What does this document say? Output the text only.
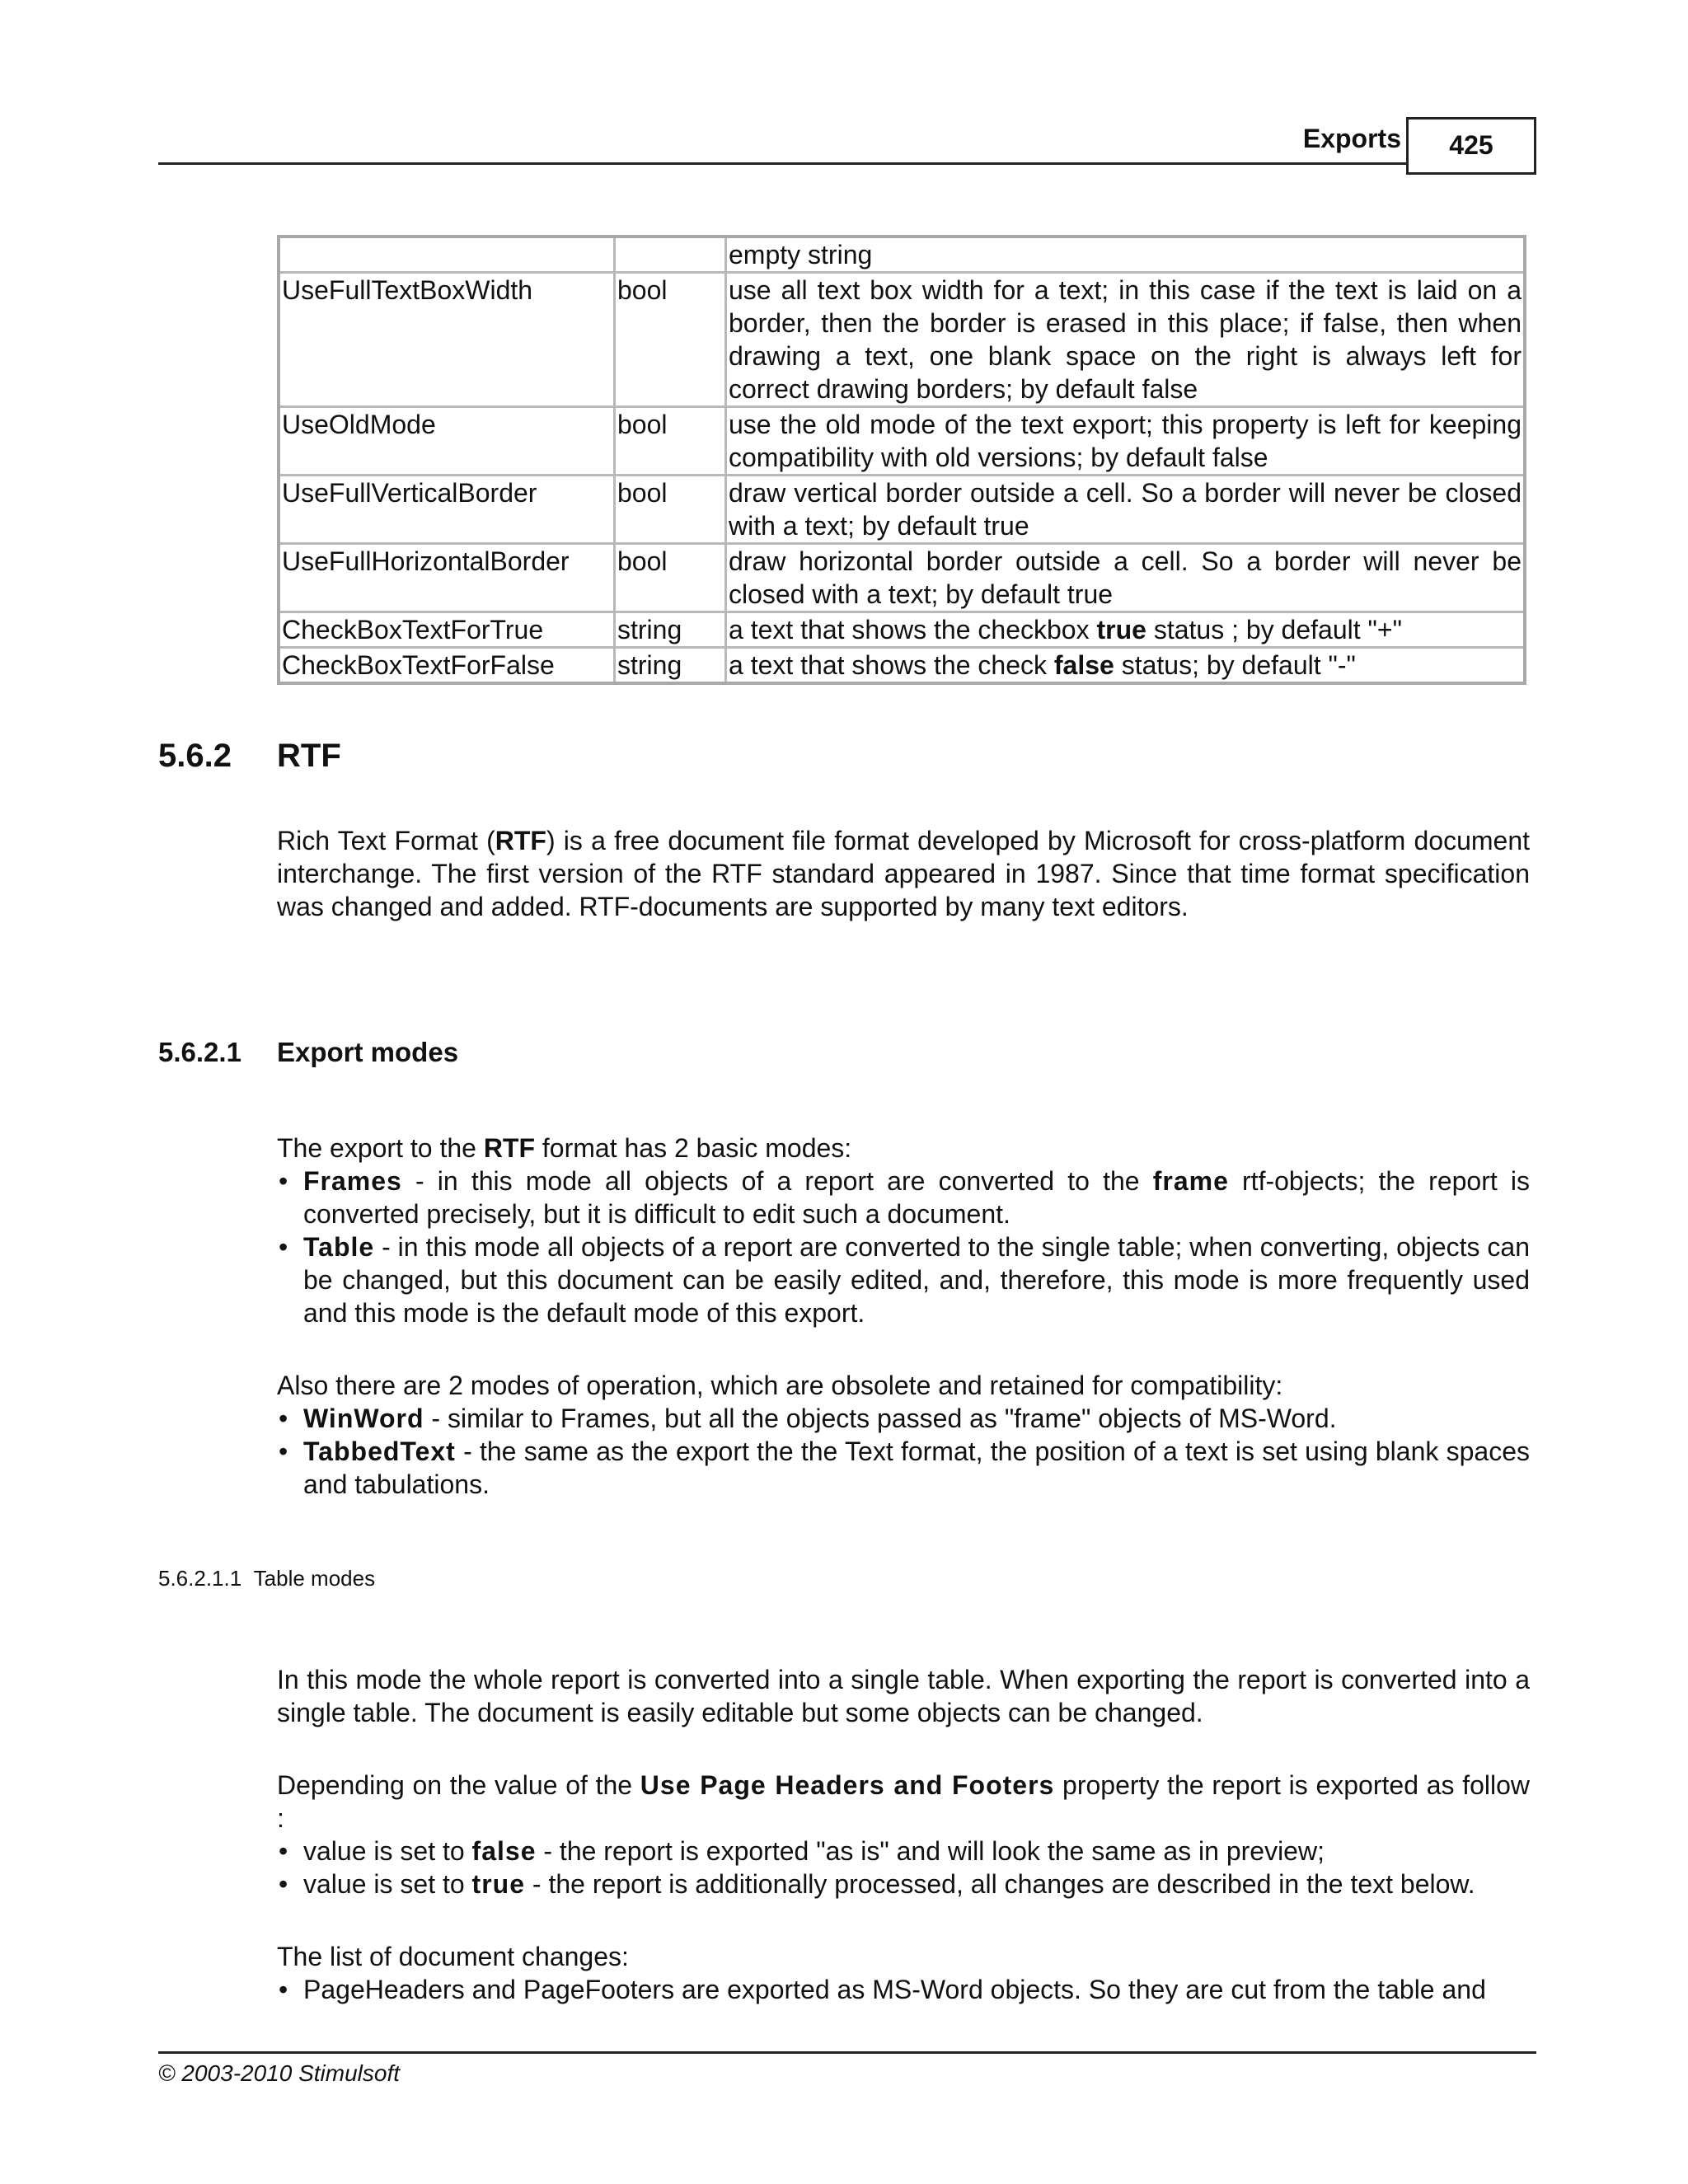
Exports	425
		empty string
UseFullTextBoxWidth	bool	use all text box width for a text; in this case if the text is laid on a border, then the border is erased in this place; if false, then when drawing a text, one blank space on the right is always left for correct drawing borders; by default false
UseOldMode	bool	use the old mode of the text export; this property is left for keeping compatibility with old versions; by default false
UseFullVerticalBorder	bool	draw vertical border outside a cell. So a border will never be closed with a text; by default true
UseFullHorizontalBorder	bool	draw horizontal border outside a cell. So a border will never be closed with a text; by default true
CheckBoxTextForTrue	string	a text that shows the checkbox true status ; by default "+"
CheckBoxTextForFalse	string	a text that shows the check false status; by default "-"
5.6.2 RTF

Rich Text Format (RTF) is a free document file format developed by Microsoft for cross-platform document interchange. The first version of the RTF standard appeared in 1987. Since that time format specification was changed and added. RTF-documents are supported by many text editors.

5.6.2.1 Export modes

The export to the RTF format has 2 basic modes:

• Frames - in this mode all objects of a report are converted to the frame rtf-objects; the report is converted precisely, but it is difficult to edit such a document.
• Table - in this mode all objects of a report are converted to the single table; when converting, objects can be changed, but this document can be easily edited, and, therefore, this mode is more frequently used and this mode is the default mode of this export.

Also there are 2 modes of operation, which are obsolete and retained for compatibility:

• WinWord - similar to Frames, but all the objects passed as "frame" objects of MS-Word.
• TabbedText - the same as the export the the Text format, the position of a text is set using blank spaces and tabulations.
5.6.2.1.1 Table modes

In this mode the whole report is converted into a single table. When exporting the report is converted into a single table. The document is easily editable but some objects can be changed.

Depending on the value of the Use Page Headers and Footers property the report is exported as follow :

• value is set to false - the report is exported "as is" and will look the same as in preview;
• value is set to true - the report is additionally processed, all changes are described in the text below.

The list of document changes:

• PageHeaders and PageFooters are exported as MS-Word objects. So they are cut from the table and
© 2003-2010 Stimulsoft
